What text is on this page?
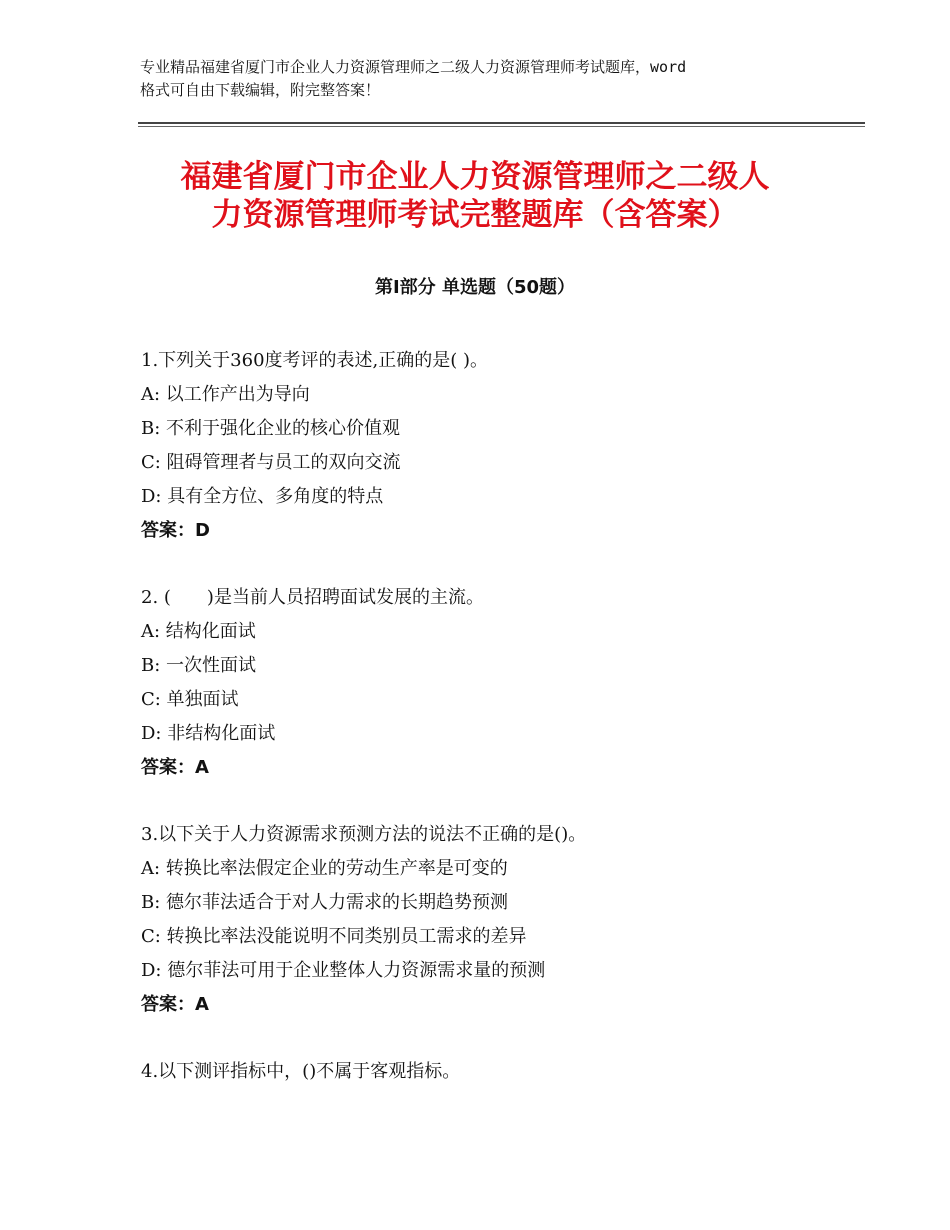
专业精品福建省厦门市企业人力资源管理师之二级人力资源管理师考试题库，word
格式可自由下载编辑，附完整答案！
福建省厦门市企业人力资源管理师之二级人
力资源管理师考试完整题库（含答案）
第Ⅰ部分 单选题（50题）
1.下列关于360度考评的表述,正确的是( )。
A: 以工作产出为导向
B: 不利于强化企业的核心价值观
C: 阻碍管理者与员工的双向交流
D: 具有全方位、多角度的特点
答案：D
2. (　　)是当前人员招聘面试发展的主流。
A: 结构化面试
B: 一次性面试
C: 单独面试
D: 非结构化面试
答案：A
3.以下关于人力资源需求预测方法的说法不正确的是()。
A: 转换比率法假定企业的劳动生产率是可变的
B: 德尔菲法适合于对人力需求的长期趋势预测
C: 转换比率法没能说明不同类别员工需求的差异
D: 德尔菲法可用于企业整体人力资源需求量的预测
答案：A
4.以下测评指标中，()不属于客观指标。
